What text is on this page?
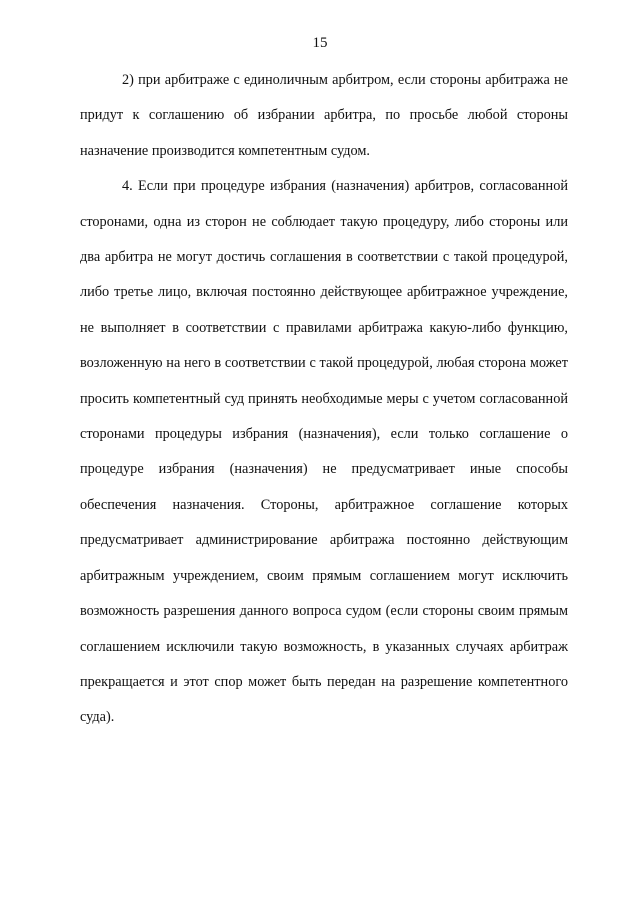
15

2) при арбитраже с единоличным арбитром, если стороны арбитража не придут к соглашению об избрании арбитра, по просьбе любой стороны назначение производится компетентным судом.

4. Если при процедуре избрания (назначения) арбитров, согласованной сторонами, одна из сторон не соблюдает такую процедуру, либо стороны или два арбитра не могут достичь соглашения в соответствии с такой процедурой, либо третье лицо, включая постоянно действующее арбитражное учреждение, не выполняет в соответствии с правилами арбитража какую-либо функцию, возложенную на него в соответствии с такой процедурой, любая сторона может просить компетентный суд принять необходимые меры с учетом согласованной сторонами процедуры избрания (назначения), если только соглашение о процедуре избрания (назначения) не предусматривает иные способы обеспечения назначения. Стороны, арбитражное соглашение которых предусматривает администрирование арбитража постоянно действующим арбитражным учреждением, своим прямым соглашением могут исключить возможность разрешения данного вопроса судом (если стороны своим прямым соглашением исключили такую возможность, в указанных случаях арбитраж прекращается и этот спор может быть передан на разрешение компетентного суда).
